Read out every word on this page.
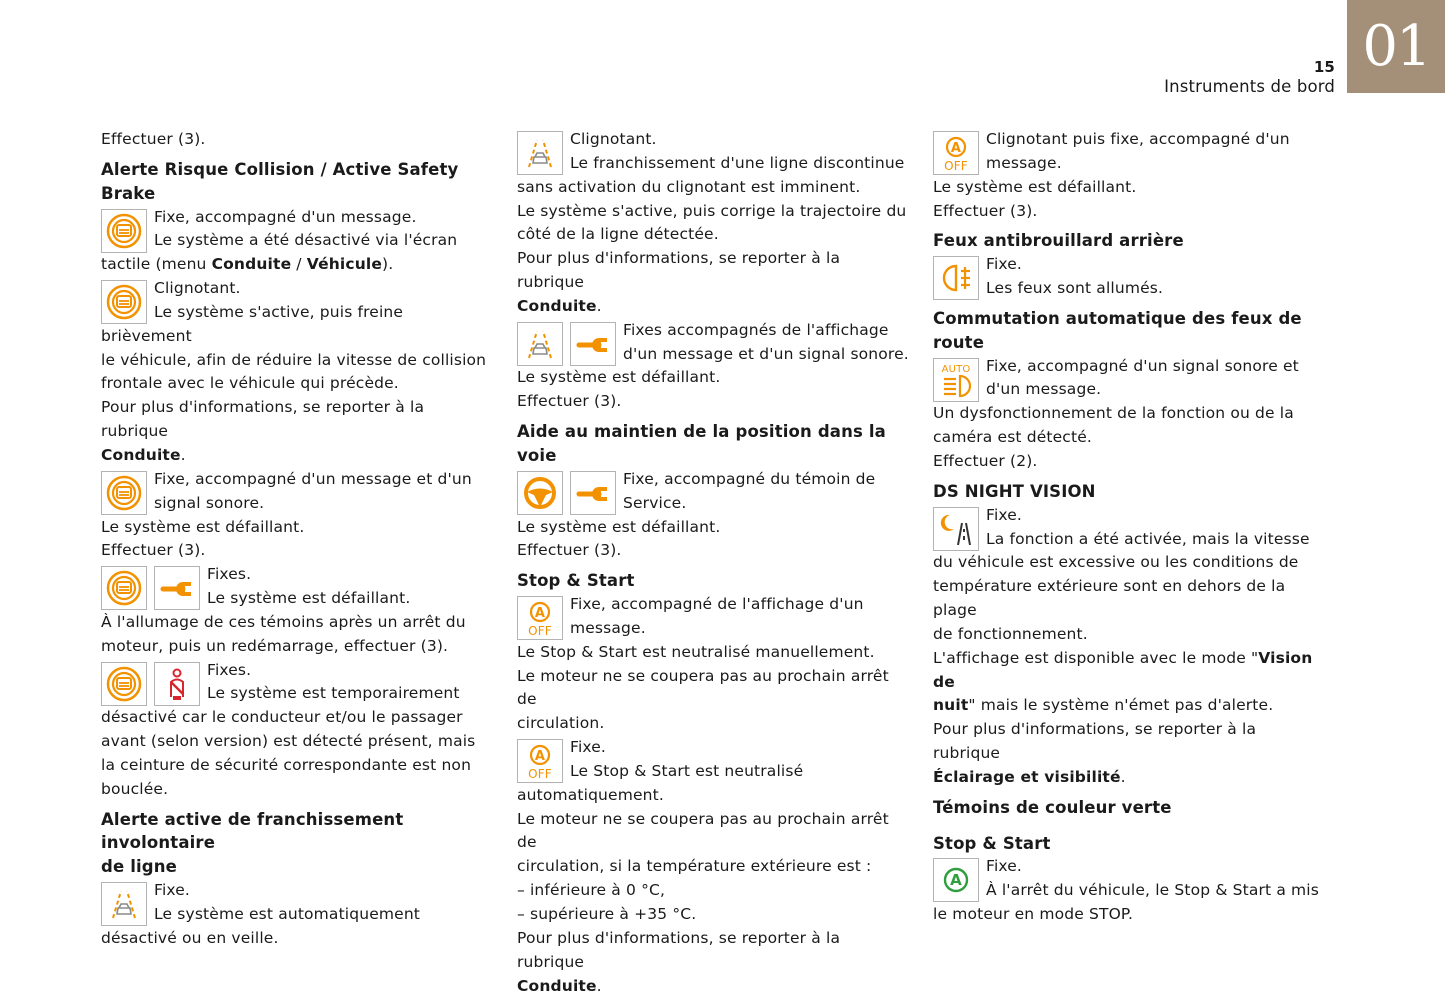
01
15
Instruments de bord

Effectuer (3).

Alerte Risque Collision / Active Safety Brake

Fixe, accompagné d'un message.

Le système a été désactivé via l'écran

tactile (menu Conduite / Véhicule).

Clignotant.

Le système s'active, puis freine brièvement

le véhicule, afin de réduire la vitesse de collision

frontale avec le véhicule qui précède.

Pour plus d'informations, se reporter à la rubrique

Conduite.

Fixe, accompagné d'un message et d'un

signal sonore.

Le système est défaillant.

Effectuer (3).

Fixes.

Le système est défaillant.

À l'allumage de ces témoins après un arrêt du

moteur, puis un redémarrage, effectuer (3).

Fixes.

Le système est temporairement

désactivé car le conducteur et/ou le passager

avant (selon version) est détecté présent, mais

la ceinture de sécurité correspondante est non

bouclée.

Alerte active de franchissement involontaire
de ligne

Fixe.

Le système est automatiquement

désactivé ou en veille.

Clignotant.

Le franchissement d'une ligne discontinue

sans activation du clignotant est imminent.

Le système s'active, puis corrige la trajectoire du

côté de la ligne détectée.

Pour plus d'informations, se reporter à la rubrique

Conduite.

Fixes accompagnés de l'affichage

d'un message et d'un signal sonore.

Le système est défaillant.

Effectuer (3).

Aide au maintien de la position dans la voie

Fixe, accompagné du témoin de

Service.

Le système est défaillant.

Effectuer (3).

Stop & Start
A
OFF

Fixe, accompagné de l'affichage d'un

message.

Le Stop & Start est neutralisé manuellement.

Le moteur ne se coupera pas au prochain arrêt de

circulation.

A
OFF

Fixe.

Le Stop & Start est neutralisé

automatiquement.

Le moteur ne se coupera pas au prochain arrêt de

circulation, si la température extérieure est :

– inférieure à 0 °C,

– supérieure à +35 °C.

Pour plus d'informations, se reporter à la rubrique

Conduite.

A
OFF

Clignotant puis fixe, accompagné d'un

message.

Le système est défaillant.

Effectuer (3).

Feux antibrouillard arrière

Fixe.

Les feux sont allumés.

Commutation automatique des feux de route
AUTO	Fixe, accompagné d'un signal sonore et

d'un message.

Un dysfonctionnement de la fonction ou de la

caméra est détecté.

Effectuer (2).

DS NIGHT VISION

Fixe.

La fonction a été activée, mais la vitesse

du véhicule est excessive ou les conditions de

température extérieure sont en dehors de la plage

de fonctionnement.

L'affichage est disponible avec le mode "Vision de

nuit" mais le système n'émet pas d'alerte.

Pour plus d'informations, se reporter à la rubrique

Éclairage et visibilité.

Témoins de couleur verte
Stop & Start
A

Fixe.

À l'arrêt du véhicule, le Stop & Start a mis

le moteur en mode STOP.
